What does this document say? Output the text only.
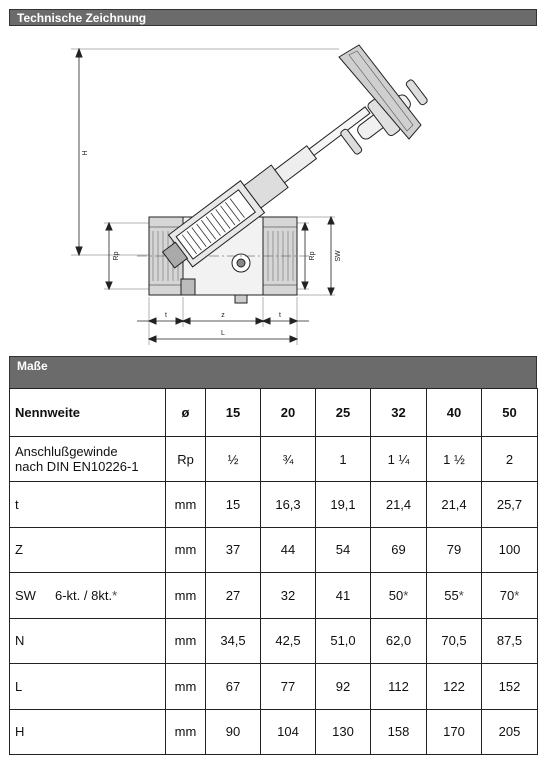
Technische Zeichnung
H
Rp	Rp	SW
t	z	t
L
Maße
Nennweite	ø	15	20	25	32	40	50

Anschlußgewinde
nach DIN EN10226-1	Rp	½	¾	1	1 ¼	1 ½	2
t	mm	15	16,3	19,1	21,4	21,4	25,7
Z	mm	37	44	54	69	79	100
SW 6-kt. / 8kt.*	mm	27	32	41	50*	55*	70*
N	mm	34,5	42,5	51,0	62,0	70,5	87,5
L	mm	67	77	92	112	122	152
H	mm	90	104	130	158	170	205
